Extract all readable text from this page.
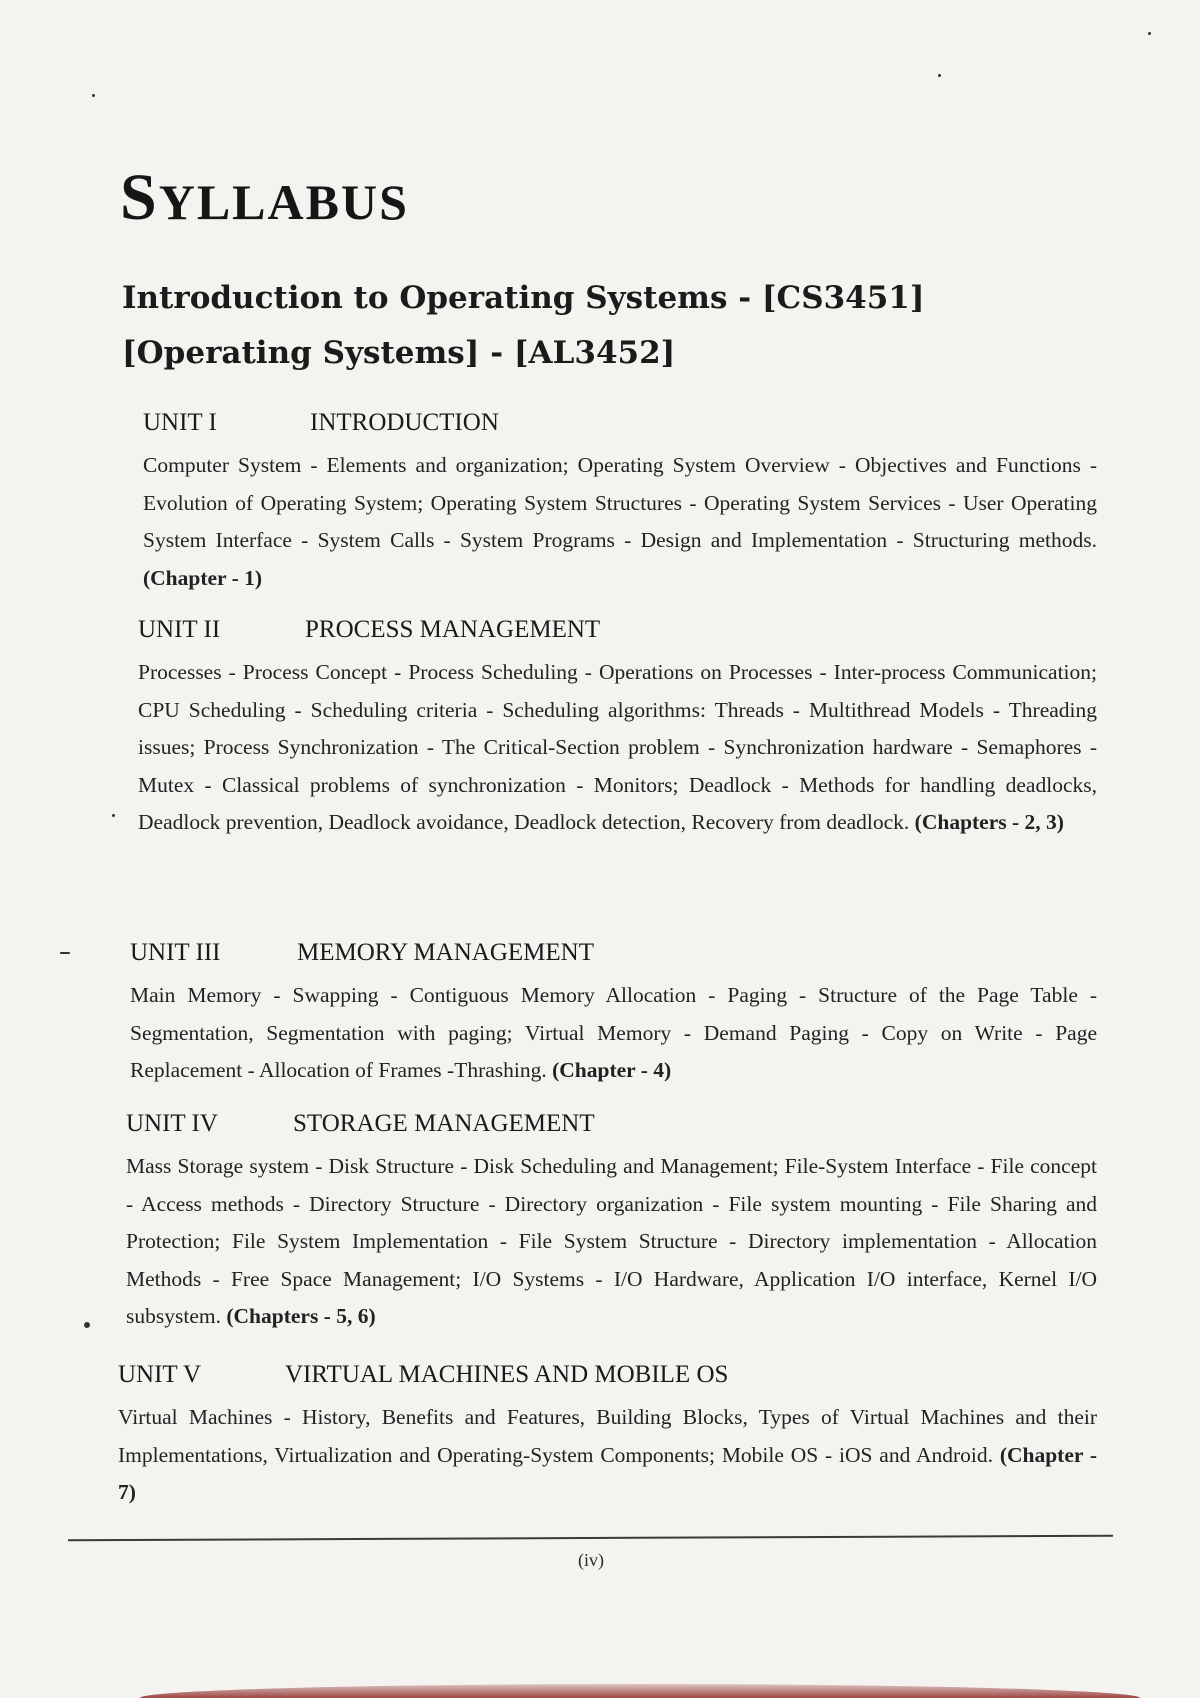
SYLLABUS
Introduction to Operating Systems - [CS3451]
[Operating Systems] - [AL3452]
UNIT I	INTRODUCTION

Computer System - Elements and organization; Operating System Overview - Objectives and Functions - Evolution of Operating System; Operating System Structures - Operating System Services - User Operating System Interface - System Calls - System Programs - Design and Implementation - Structuring methods. (Chapter - 1)

UNIT II	PROCESS MANAGEMENT

Processes - Process Concept - Process Scheduling - Operations on Processes - Inter-process Communication; CPU Scheduling - Scheduling criteria - Scheduling algorithms: Threads - Multithread Models - Threading issues; Process Synchronization - The Critical-Section problem - Synchronization hardware - Semaphores - Mutex - Classical problems of synchronization - Monitors; Deadlock - Methods for handling deadlocks, Deadlock prevention, Deadlock avoidance, Deadlock detection, Recovery from deadlock. (Chapters - 2, 3)

UNIT III	MEMORY MANAGEMENT

Main Memory - Swapping - Contiguous Memory Allocation - Paging - Structure of the Page Table - Segmentation, Segmentation with paging; Virtual Memory - Demand Paging - Copy on Write - Page Replacement - Allocation of Frames -Thrashing. (Chapter - 4)

UNIT IV	STORAGE MANAGEMENT

Mass Storage system - Disk Structure - Disk Scheduling and Management; File-System Interface - File concept - Access methods - Directory Structure - Directory organization - File system mounting - File Sharing and Protection; File System Implementation - File System Structure - Directory implementation - Allocation Methods - Free Space Management; I/O Systems - I/O Hardware, Application I/O interface, Kernel I/O subsystem. (Chapters - 5, 6)

UNIT V	VIRTUAL MACHINES AND MOBILE OS

Virtual Machines - History, Benefits and Features, Building Blocks, Types of Virtual Machines and their Implementations, Virtualization and Operating-System Components; Mobile OS - iOS and Android. (Chapter - 7)

(iv)
